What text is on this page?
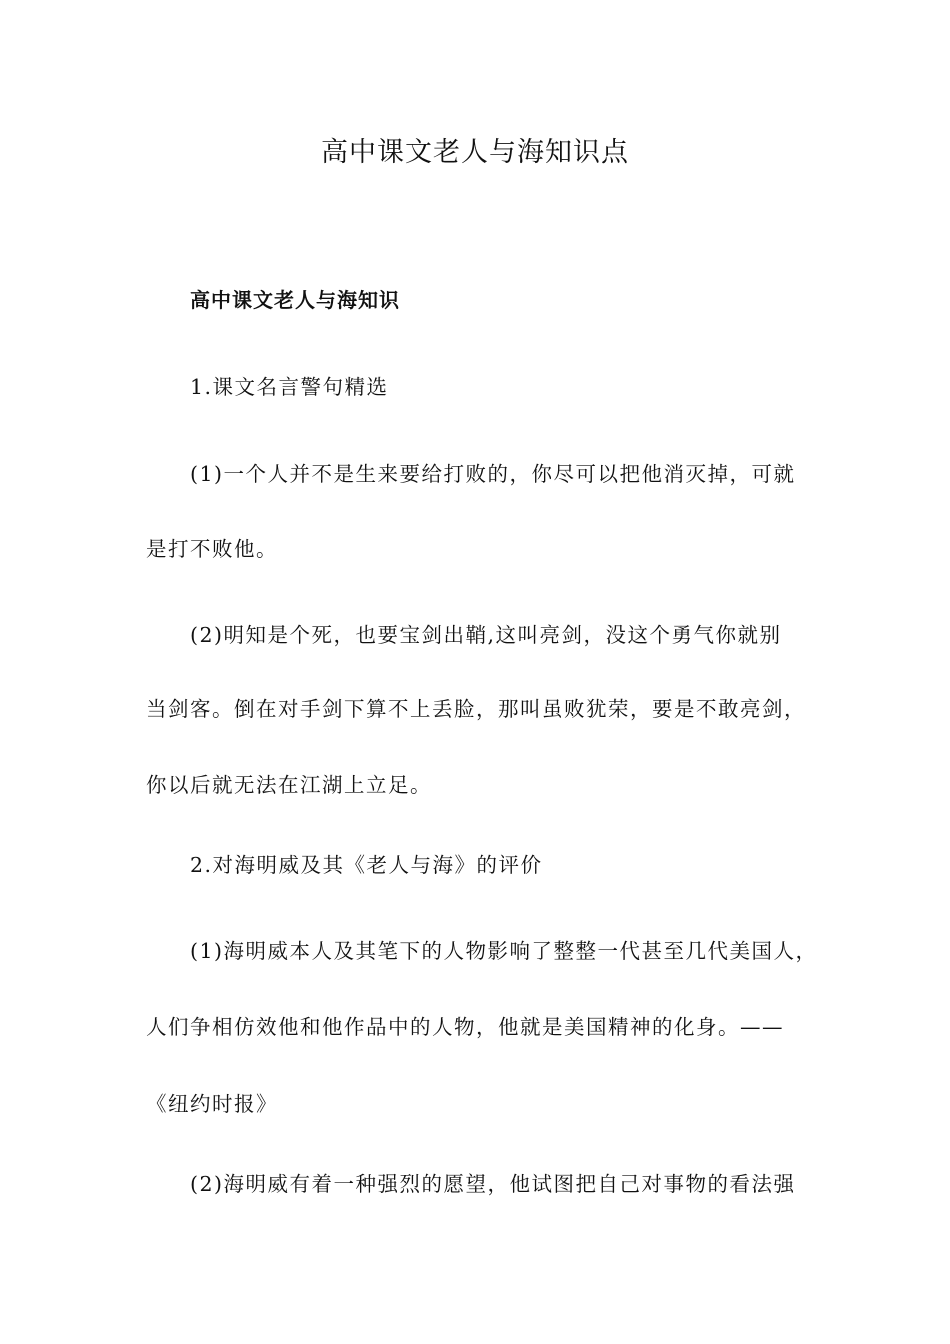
高中课文老人与海知识点
高中课文老人与海知识
1.课文名言警句精选
(1)一个人并不是生来要给打败的，你尽可以把他消灭掉，可就
是打不败他。
(2)明知是个死，也要宝剑出鞘,这叫亮剑，没这个勇气你就别
当剑客。倒在对手剑下算不上丢脸，那叫虽败犹荣，要是不敢亮剑，
你以后就无法在江湖上立足。
2.对海明威及其《老人与海》的评价
(1)海明威本人及其笔下的人物影响了整整一代甚至几代美国人，
人们争相仿效他和他作品中的人物，他就是美国精神的化身。——
《纽约时报》
(2)海明威有着一种强烈的愿望，他试图把自己对事物的看法强
